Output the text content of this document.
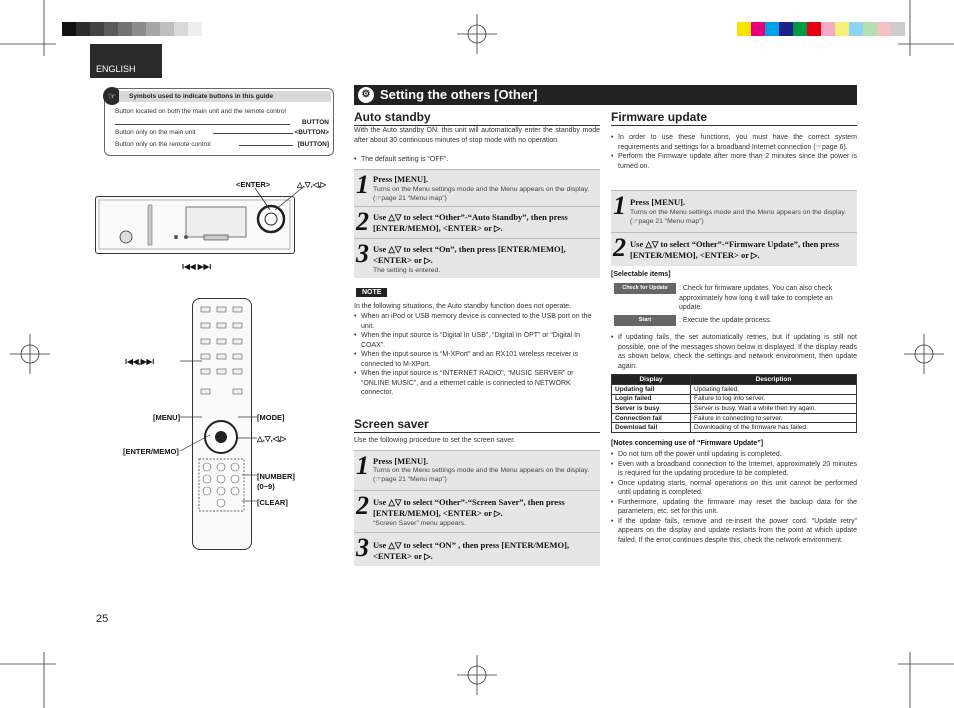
ENGLISH
☞	Symbols used to indicate buttons in this guide
Button located on both the main unit and the remote control
BUTTON
Button only on the main unit	<BUTTON>
Button only on the remote control	[BUTTON]
<ENTER>	△,▽,◁,▷
I◀◀ ▶▶I
I◀◀,▶▶I
[MENU]	[MODE]
△,▽,◁,▷
[ENTER/MEMO]
[NUMBER]
(0~9)
[CLEAR]
25
⚙ Setting the others [Other]
Auto standby
With the Auto standby ON, this unit will automatically enter the standby mode after about 30 continuous minutes of stop mode with no operation.
• The default setting is “OFF”.
1 Press [MENU].
Turns on the Menu settings mode and the Menu appears on the display. (☞page 21 “Menu map”)
2 Use △▽ to select “Other”-“Auto Standby”, then press [ENTER/MEMO], <ENTER> or ▷.
3 Use △▽ to select “On”, then press [ENTER/MEMO], <ENTER> or ▷.
The setting is entered.
NOTE
In the following situations, the Auto standby function does not operate.
• When an iPod or USB memory device is connected to the USB port on the unit.
• When the input source is “Digital In USB”, “Digital In OPT” or “Digital In COAX”.
• When the input source is “M-XPort” and an RX101 wireless receiver is connected to M-XPort.
• When the input source is “INTERNET RADIO”, “MUSIC SERVER” or “ONLINE MUSIC”, and a ethernet cable is connected to NETWORK connector.
Screen saver
Use the following procedure to set the screen saver.
1 Press [MENU].
Turns on the Menu settings mode and the Menu appears on the display. (☞page 21 “Menu map”)
2 Use △▽ to select “Other”-“Screen Saver”, then press [ENTER/MEMO], <ENTER> or ▷.
“Screen Saver” menu appears.
3 Use △▽ to select “ON” , then press [ENTER/MEMO], <ENTER> or ▷.
Firmware update
• In order to use these functions, you must have the correct system requirements and settings for a broadband Internet connection (☞page 6).
• Perform the Firmware update after more than 2 minutes since the power is turned on.
1 Press [MENU].
Turns on the Menu settings mode and the Menu appears on the display. (☞page 21 “Menu map”)
2 Use △▽ to select “Other”-“Firmware Update”, then press [ENTER/MEMO], <ENTER> or ▷.
[Selectable items]
Check for Update	: Check for firmware updates. You can also check approximately how long it will take to complete an update.
Start	: Execute the update process.
• If updating fails, the set automatically retries, but if updating is still not possible, one of the messages shown below is displayed. If the display reads as shown below, check the settings and network environment, then update again.
Display	Description
Updating fail	Updating failed.
Login failed	Failure to log into server.
Server is busy	Server is busy. Wait a while then try again.
Connection fail	Failure in connecting to server.
Download fail	Downloading of the firmware has failed.
[Notes concerning use of “Firmware Update”]
• Do not turn off the power until updating is completed.
• Even with a broadband connection to the Internet, approximately 20 minutes is required for the updating procedure to be completed.
• Once updating starts, normal operations on this unit cannot be performed until updating is completed.
• Furthermore, updating the firmware may reset the backup data for the parameters, etc. set for this unit.
• If the update fails, remove and re-insert the power cord. “Update retry” appears on the display and update restarts from the point at which update failed. If the error continues despite this, check the network environment.
